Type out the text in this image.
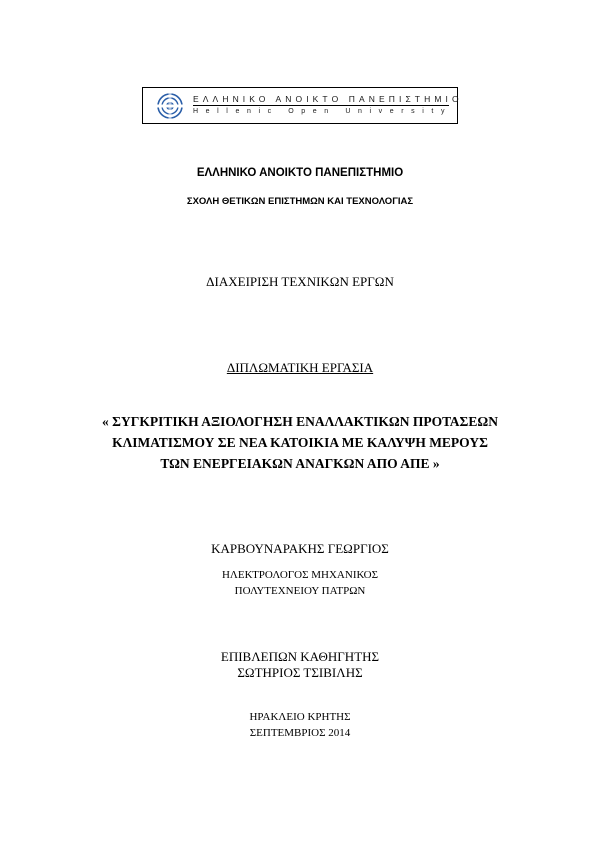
ΕΛΛΗΝΙΚΟ ΑΝΟΙΚΤΟ ΠΑΝΕΠΙΣΤΗΜΙΟ
Hellenic Open University
ΕΛΛΗΝΙΚΟ ΑΝΟΙΚΤΟ ΠΑΝΕΠΙΣΤΗΜΙΟ
ΣΧΟΛΗ ΘΕΤΙΚΩΝ ΕΠΙΣΤΗΜΩΝ ΚΑΙ ΤΕΧΝΟΛΟΓΙΑΣ
ΔΙΑΧΕΙΡΙΣΗ ΤΕΧΝΙΚΩΝ ΕΡΓΩΝ
ΔΙΠΛΩΜΑΤΙΚΗ ΕΡΓΑΣΙΑ
« ΣΥΓΚΡΙΤΙΚΗ ΑΞΙΟΛΟΓΗΣΗ ΕΝΑΛΛΑΚΤΙΚΩΝ ΠΡΟΤΑΣΕΩΝ
ΚΛΙΜΑΤΙΣΜΟΥ ΣΕ ΝΕΑ ΚΑΤΟΙΚΙΑ ΜΕ ΚΑΛΥΨΗ ΜΕΡΟΥΣ
ΤΩΝ ΕΝΕΡΓΕΙΑΚΩΝ ΑΝΑΓΚΩΝ ΑΠΟ ΑΠΕ »
ΚΑΡΒΟΥΝΑΡΑΚΗΣ ΓΕΩΡΓΙΟΣ
ΗΛΕΚΤΡΟΛΟΓΟΣ ΜΗΧΑΝΙΚΟΣ
ΠΟΛΥΤΕΧΝΕΙΟΥ ΠΑΤΡΩΝ
ΕΠΙΒΛΕΠΩΝ ΚΑΘΗΓΗΤΗΣ
ΣΩΤΗΡΙΟΣ ΤΣΙΒΙΛΗΣ
ΗΡΑΚΛΕΙΟ ΚΡΗΤΗΣ
ΣΕΠΤΕΜΒΡΙΟΣ 2014
